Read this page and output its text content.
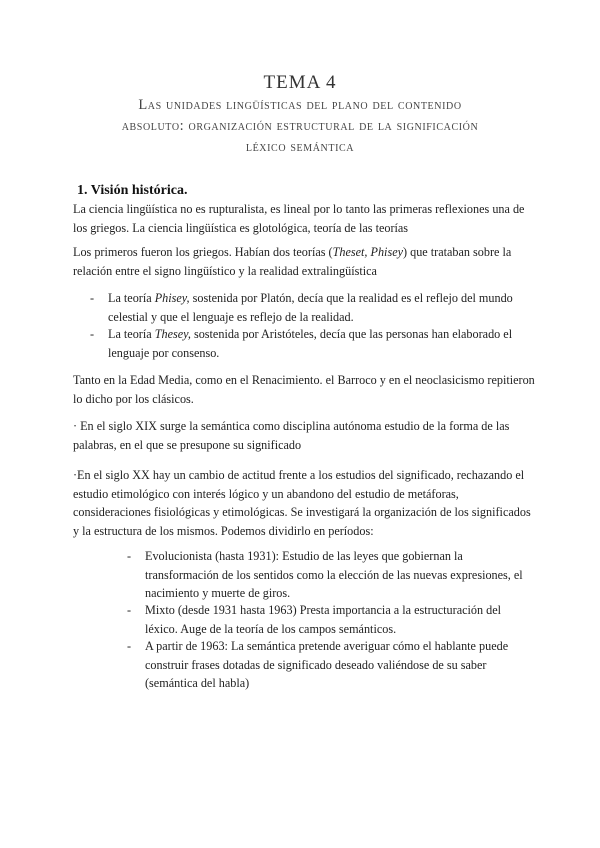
TEMA 4
Las unidades lingüísticas del plano del contenido
absoluto: organización estructural de la significación
léxico semántica
1. Visión histórica.
La ciencia lingüística no es rupturalista, es lineal por lo tanto las primeras reflexiones una de los griegos. La ciencia lingüística es glotológica, teoría de las teorías
Los primeros fueron los griegos. Habían dos teorías (Theset, Phisey) que trataban sobre la relación entre el signo lingüístico y la realidad extralingüística
- La teoría Phisey, sostenida por Platón, decía que la realidad es el reflejo del mundo celestial y que el lenguaje es reflejo de la realidad.
- La teoría Thesey, sostenida por Aristóteles, decía que las personas han elaborado el lenguaje por consenso.
Tanto en la Edad Media, como en el Renacimiento. el Barroco y en el neoclasicismo repitieron lo dicho por los clásicos.
· En el siglo XIX surge la semántica como disciplina autónoma estudio de la forma de las palabras, en el que se presupone su significado
·En el siglo XX hay un cambio de actitud frente a los estudios del significado, rechazando el estudio etimológico con interés lógico y un abandono del estudio de metáforas, consideraciones fisiológicas y etimológicas. Se investigará la organización de los significados y la estructura de los mismos. Podemos dividirlo en períodos:
- Evolucionista (hasta 1931): Estudio de las leyes que gobiernan la transformación de los sentidos como la elección de las nuevas expresiones, el nacimiento y muerte de giros.
- Mixto (desde 1931 hasta 1963) Presta importancia a la estructuración del léxico. Auge de la teoría de los campos semánticos.
- A partir de 1963: La semántica pretende averiguar cómo el hablante puede construir frases dotadas de significado deseado valiéndose de su saber (semántica del habla)
